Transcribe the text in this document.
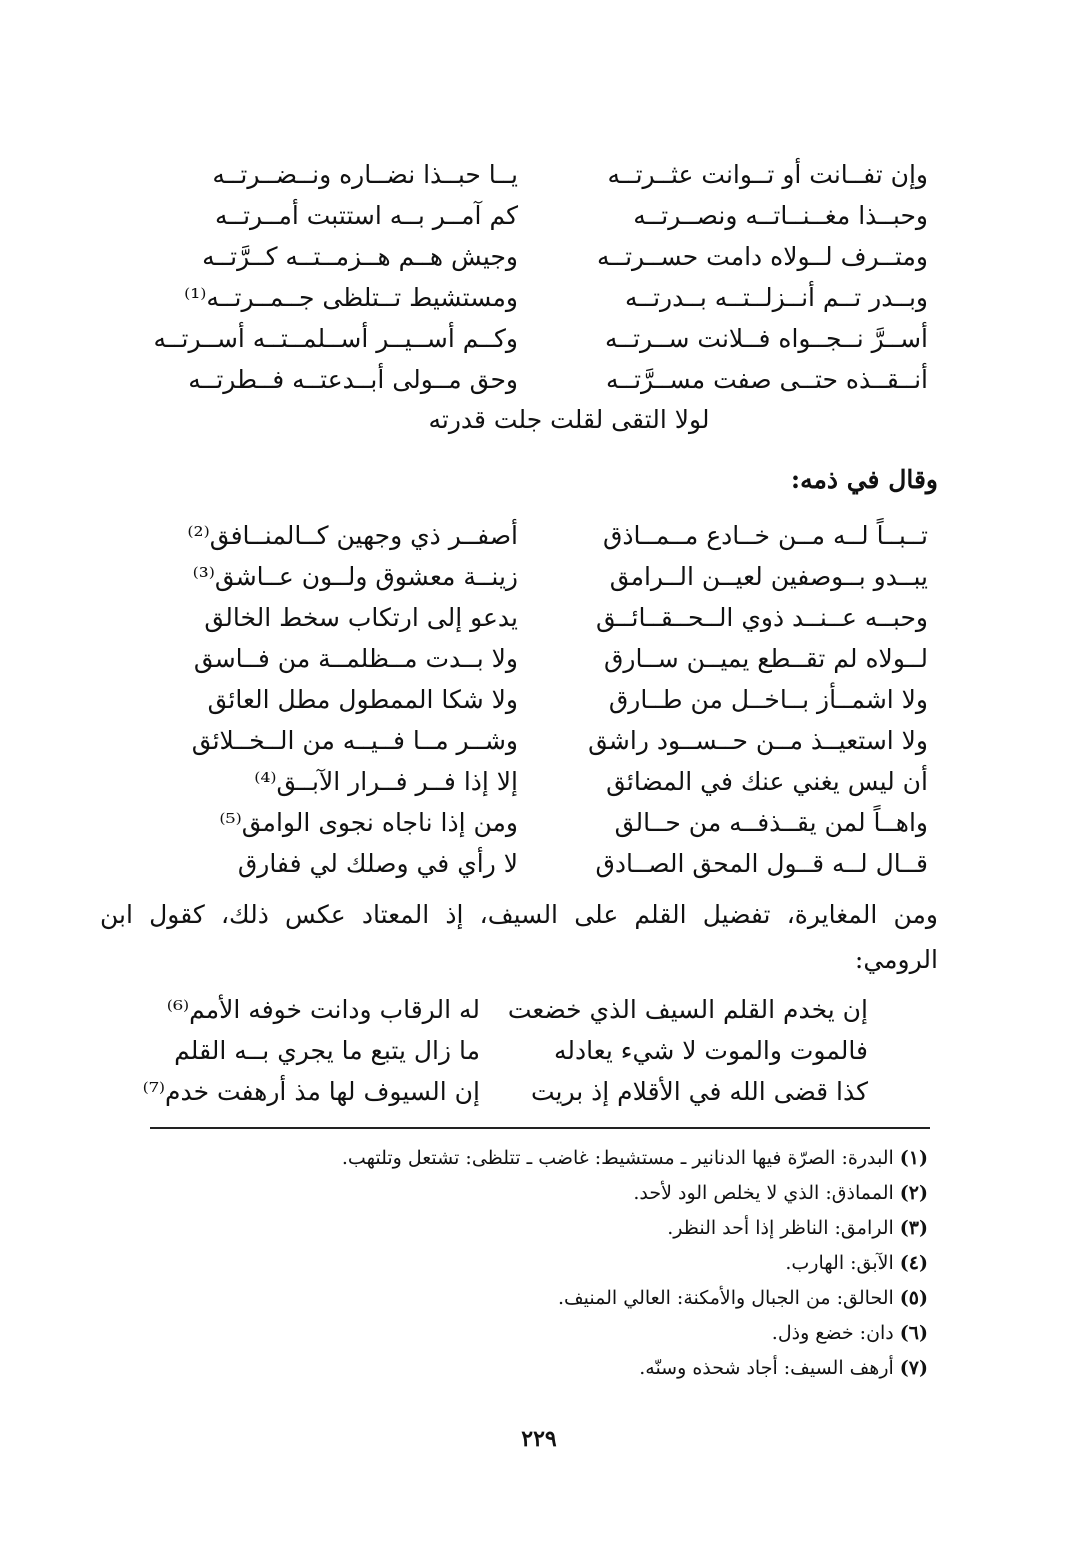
وإن تفــانت أو تــوانت عثــرتــه
يــا حبــذا نضــاره ونــضــرتــه
وحبــذا مغــنــاتــه ونصــرتــه
كم آمــر بــه استتبت أمــرتــه
ومتــرف لــولاه دامت حســرتــه
وجيش هــم هــزمــتــه كــرَّتــه
وبــدر تــم أنــزلــتــه بــدرتــه
ومستشيط تــتلظى جــمــرتــه⁽¹⁾
أســرَّ نــجــواه فــلانت ســرتــه
وكــم أســيــر أســلمــتــه أســرتــه
أنــقــذه حتــى صفت مســرَّتــه
وحق مــولى أبــدعتــه فــطرتــه
لولا التقى لقلت جلت قدرته
وقال في ذمه:
تــبــاً لــه مــن خــادع مــمــاذق
أصفــر ذي وجهين كــالمنــافق⁽²⁾
يبــدو بــوصفين لعيــن الــرامق
زينــة معشوق ولــون عــاشق⁽³⁾
وحبــه عــنــد ذوي الــحــقــائــق
يدعو إلى ارتكاب سخط الخالق
لــولاه لم تقــطع يميــن ســارق
ولا بــدت مــظلمــة من فــاسق
ولا اشمــأز بــاخــل من طــارق
ولا شكا الممطول مطل العائق
ولا استعيــذ مــن حــســود راشق
وشــر مــا فــيــه من الــخــلائق
أن ليس يغني عنك في المضائق
إلا إذا فــر فــرار الآبــق⁽⁴⁾
واهــاً لمن يقــذفــه من حــالق
ومن إذا ناجاه نجوى الوامق⁽⁵⁾
قــال لــه قــول المحق الصــادق
لا رأي في وصلك لي ففارق
ومن المغايرة، تفضيل القلم على السيف، إذ المعتاد عكس ذلك، كقول ابن الرومي:
إن يخدم القلم السيف الذي خضعت
له الرقاب ودانت خوفه الأمم⁽⁶⁾
فالموت والموت لا شيء يعادله
ما زال يتبع ما يجري بــه القلم
كذا قضى الله في الأقلام إذ بريت
إن السيوف لها مذ أرهفت خدم⁽⁷⁾
(١)البدرة: الصرّة فيها الدنانير ـ مستشيط: غاضب ـ تتلظى: تشتعل وتلتهب.
(٢)المماذق: الذي لا يخلص الود لأحد.
(٣)الرامق: الناظر إذا أحد النظر.
(٤)الآبق: الهارب.
(٥)الحالق: من الجبال والأمكنة: العالي المنيف.
(٦)دان: خضع وذل.
(٧)أرهف السيف: أجاد شحذه وسنّه.
٢٢٩
